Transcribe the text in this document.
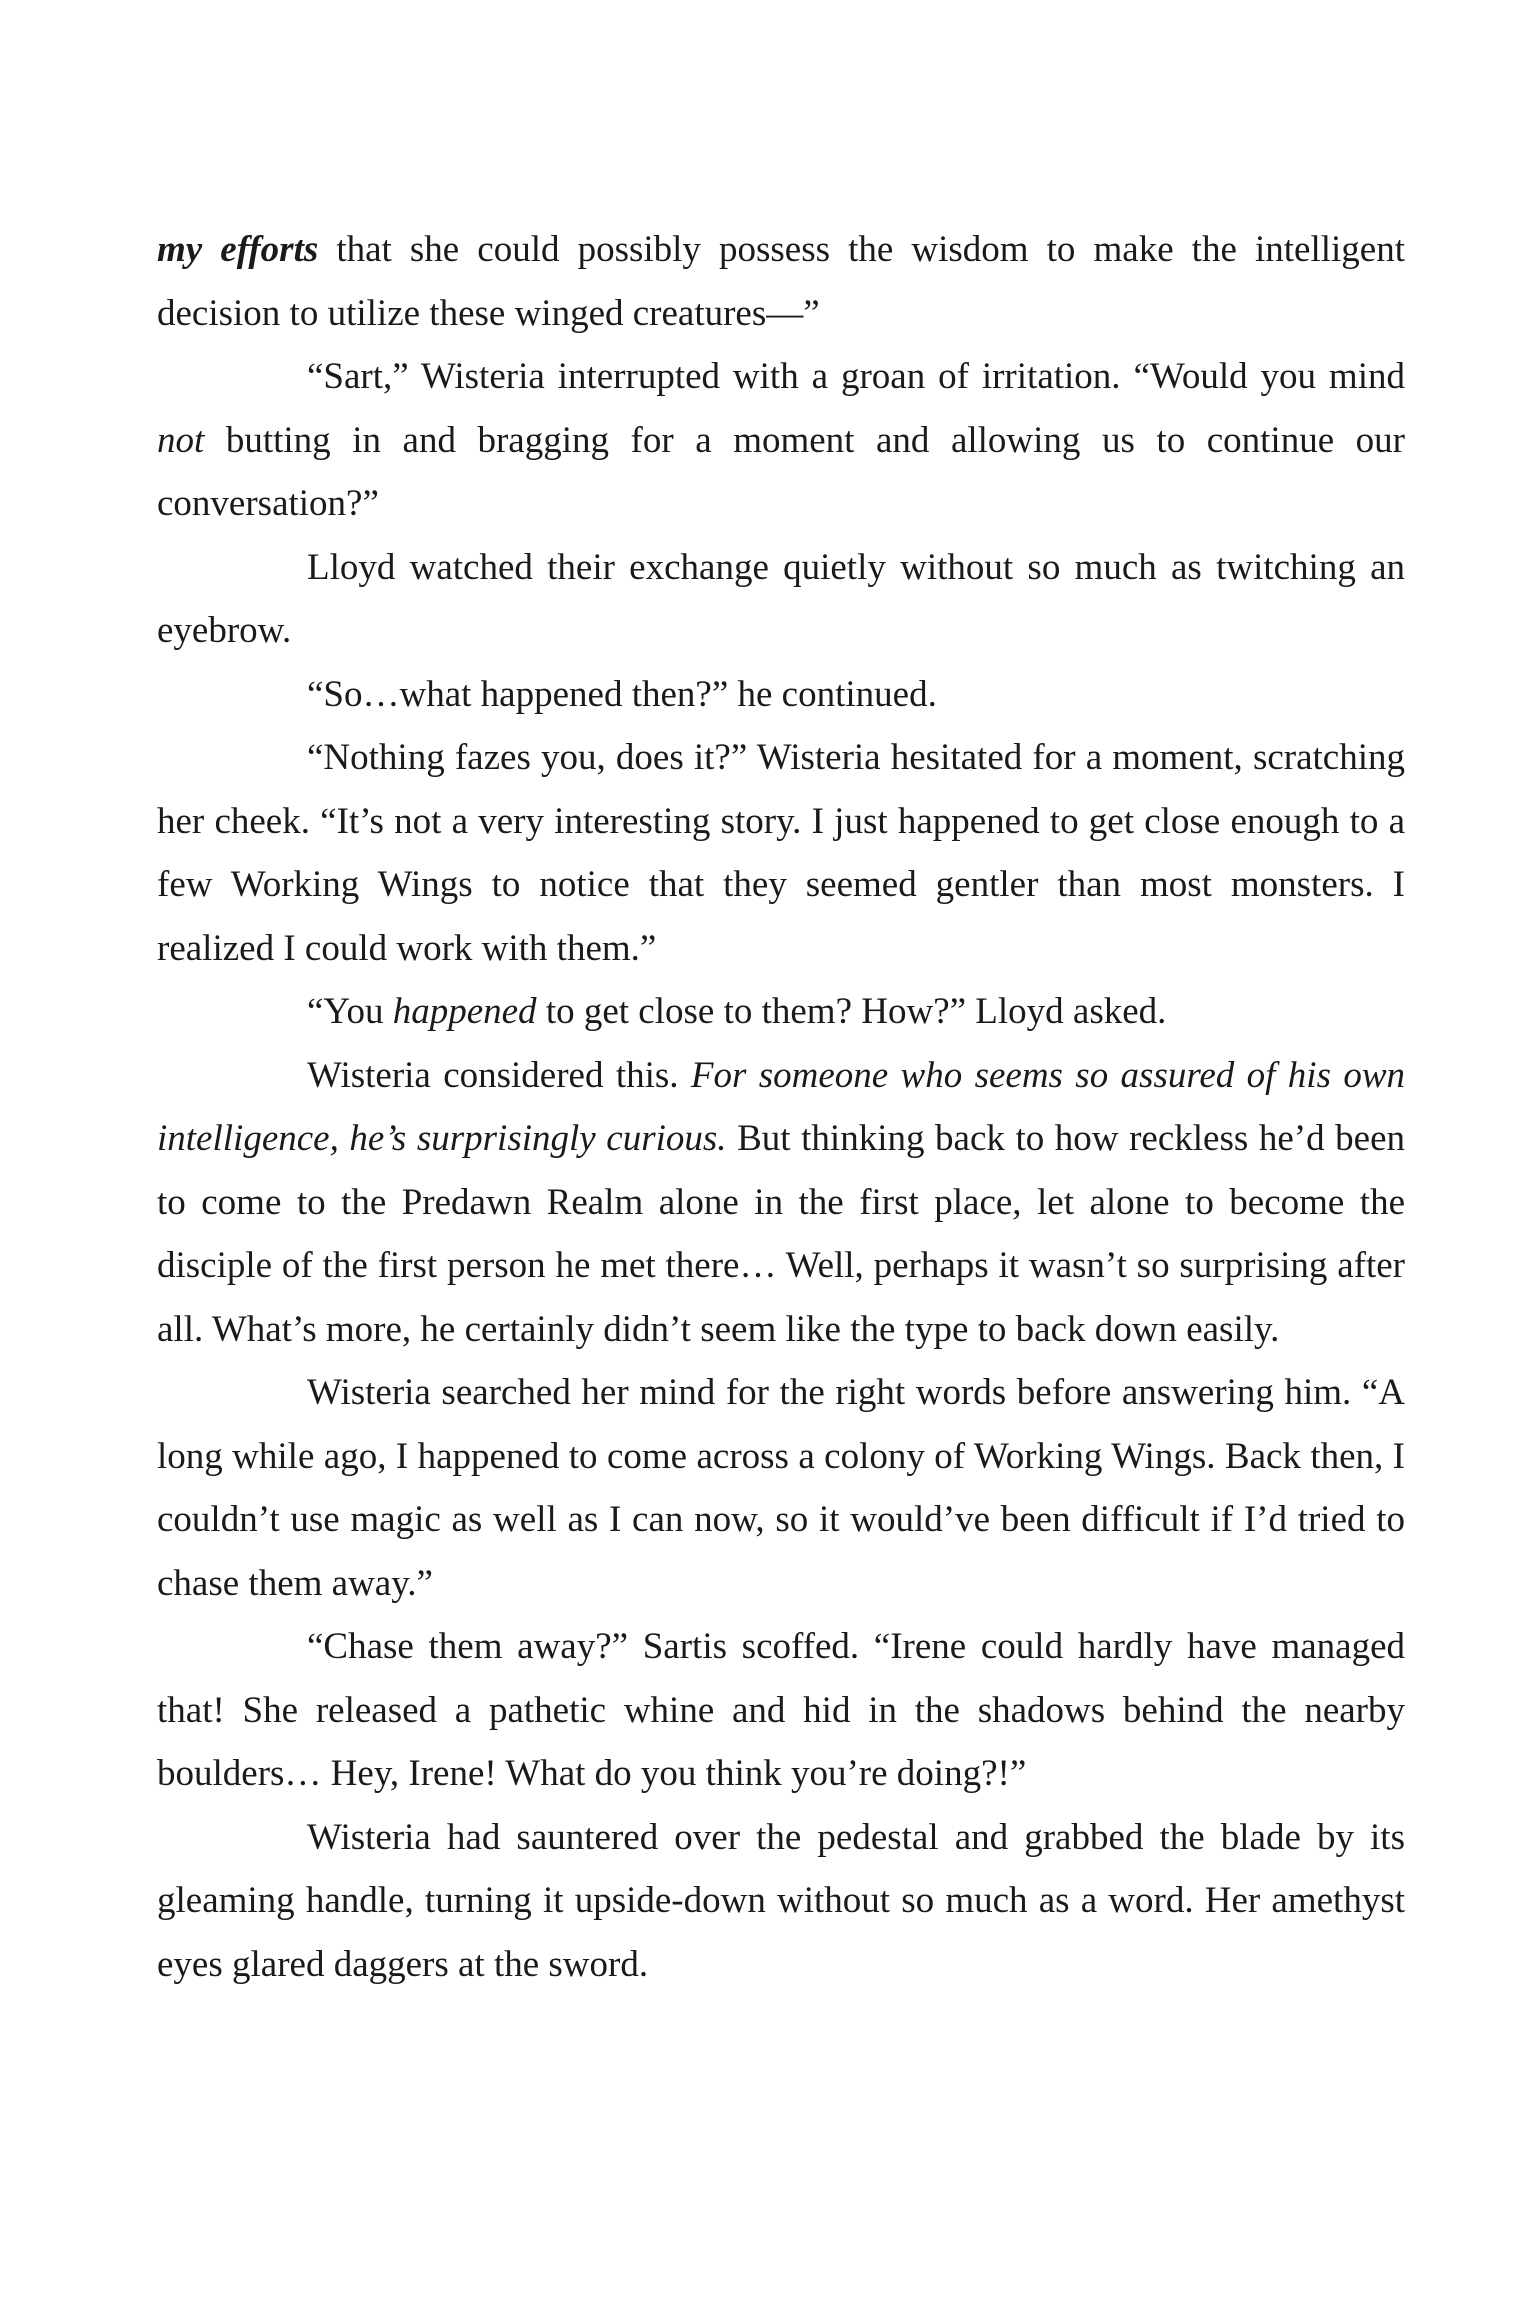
my efforts that she could possibly possess the wisdom to make the intelligent decision to utilize these winged creatures—”

“Sart,” Wisteria interrupted with a groan of irritation. “Would you mind not butting in and bragging for a moment and allowing us to continue our conversation?”

Lloyd watched their exchange quietly without so much as twitching an eyebrow.

“So…what happened then?” he continued.

“Nothing fazes you, does it?” Wisteria hesitated for a moment, scratching her cheek. “It’s not a very interesting story. I just happened to get close enough to a few Working Wings to notice that they seemed gentler than most monsters. I realized I could work with them.”

“You happened to get close to them? How?” Lloyd asked.

Wisteria considered this. For someone who seems so assured of his own intelligence, he’s surprisingly curious. But thinking back to how reckless he’d been to come to the Predawn Realm alone in the first place, let alone to become the disciple of the first person he met there… Well, perhaps it wasn’t so surprising after all. What’s more, he certainly didn’t seem like the type to back down easily.

Wisteria searched her mind for the right words before answering him. “A long while ago, I happened to come across a colony of Working Wings. Back then, I couldn’t use magic as well as I can now, so it would’ve been difficult if I’d tried to chase them away.”

“Chase them away?” Sartis scoffed. “Irene could hardly have managed that! She released a pathetic whine and hid in the shadows behind the nearby boulders… Hey, Irene! What do you think you’re doing?!”

Wisteria had sauntered over the pedestal and grabbed the blade by its gleaming handle, turning it upside-down without so much as a word. Her amethyst eyes glared daggers at the sword.
